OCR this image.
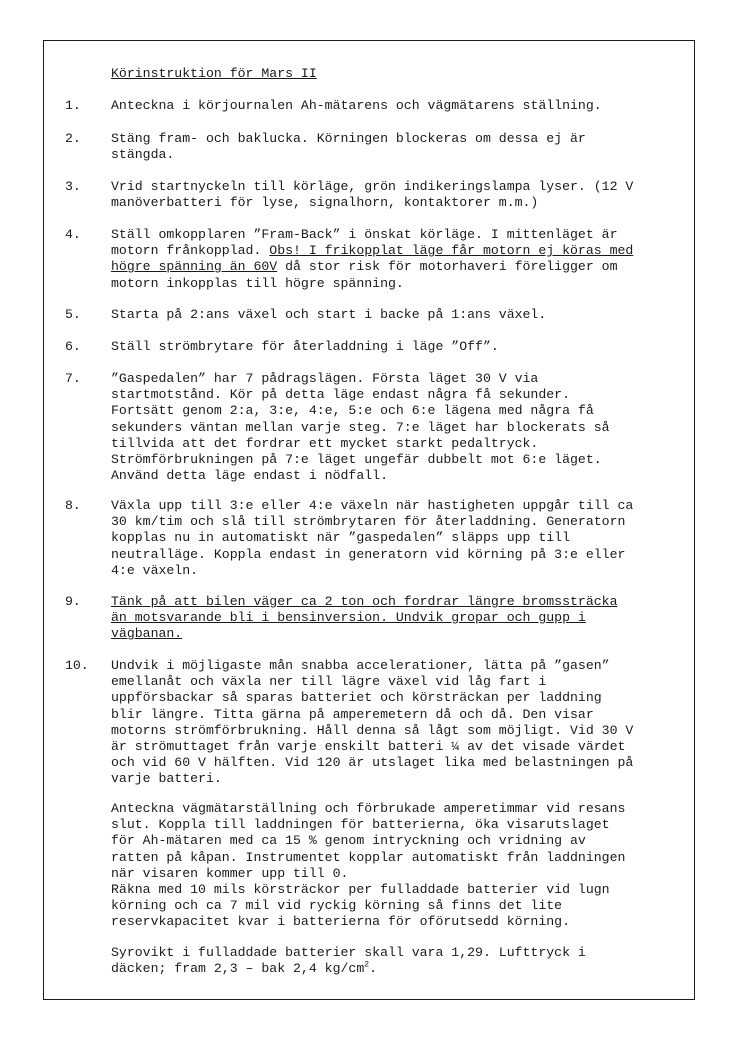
Körinstruktion för Mars II
1. Anteckna i körjournalen Ah-mätarens och vägmätarens ställning.
2. Stäng fram- och baklucka. Körningen blockeras om dessa ej är
stängda.
3. Vrid startnyckeln till körläge, grön indikeringslampa lyser. (12 V
manöverbatteri för lyse, signalhorn, kontaktorer m.m.)
4. Ställ omkopplaren ”Fram-Back” i önskat körläge. I mittenläget är
motorn frånkopplad. Obs! I frikopplat läge får motorn ej köras med
högre spänning än 60V då stor risk för motorhaveri föreligger om
motorn inkopplas till högre spänning.
5. Starta på 2:ans växel och start i backe på 1:ans växel.
6. Ställ strömbrytare för återladdning i läge ”Off”.
7. ”Gaspedalen” har 7 pådragslägen. Första läget 30 V via
startmotstånd. Kör på detta läge endast några få sekunder.
Fortsätt genom 2:a, 3:e, 4:e, 5:e och 6:e lägena med några få
sekunders väntan mellan varje steg. 7:e läget har blockerats så
tillvida att det fordrar ett mycket starkt pedaltryck.
Strömförbrukningen på 7:e läget ungefär dubbelt mot 6:e läget.
Använd detta läge endast i nödfall.
8. Växla upp till 3:e eller 4:e växeln när hastigheten uppgår till ca
30 km/tim och slå till strömbrytaren för återladdning. Generatorn
kopplas nu in automatiskt när ”gaspedalen” släpps upp till
neutralläge. Koppla endast in generatorn vid körning på 3:e eller
4:e växeln.
9. Tänk på att bilen väger ca 2 ton och fordrar längre bromssträcka
än motsvarande bli i bensinversion. Undvik gropar och gupp i
vägbanan.
10. Undvik i möjligaste mån snabba accelerationer, lätta på ”gasen”
emellanåt och växla ner till lägre växel vid låg fart i
uppförsbackar så sparas batteriet och körsträckan per laddning
blir längre. Titta gärna på amperemetern då och då. Den visar
motorns strömförbrukning. Håll denna så lågt som möjligt. Vid 30 V
är strömuttaget från varje enskilt batteri ¼ av det visade värdet
och vid 60 V hälften. Vid 120 är utslaget lika med belastningen på
varje batteri.
Anteckna vägmätarställning och förbrukade amperetimmar vid resans
slut. Koppla till laddningen för batterierna, öka visarutslaget
för Ah-mätaren med ca 15 % genom intryckning och vridning av
ratten på kåpan. Instrumentet kopplar automatiskt från laddningen
när visaren kommer upp till 0.
Räkna med 10 mils körsträckor per fulladdade batterier vid lugn
körning och ca 7 mil vid ryckig körning så finns det lite
reservkapacitet kvar i batterierna för oförutsedd körning.
Syrovikt i fulladdade batterier skall vara 1,29. Lufttryck i
däcken; fram 2,3 – bak 2,4 $kg/cm^2$.
